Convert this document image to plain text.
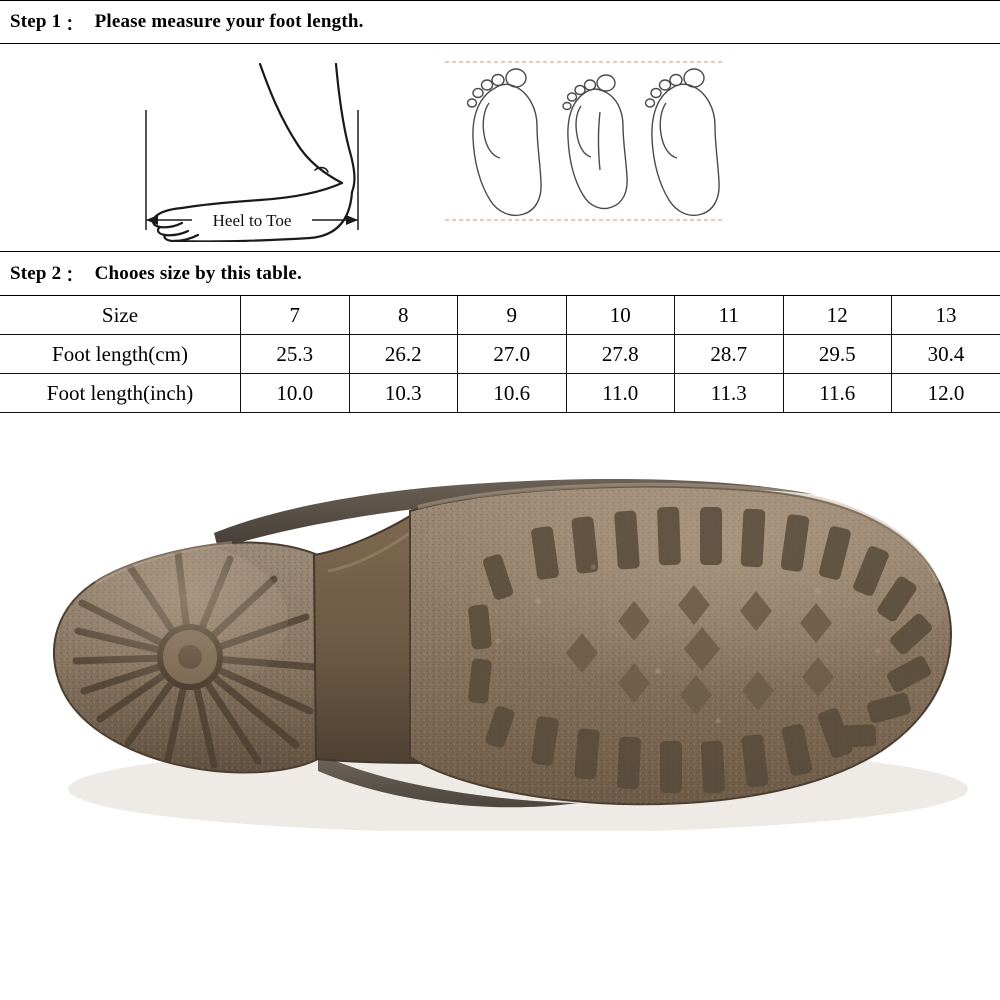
Step 1 ： Please measure your foot length.
Heel to Toe
Step 2 ： Chooes size by this table.
Size	7	8	9	10	11	12	13
Foot length(cm)	25.3	26.2	27.0	27.8	28.7	29.5	30.4
Foot length(inch)	10.0	10.3	10.6	11.0	11.3	11.6	12.0
